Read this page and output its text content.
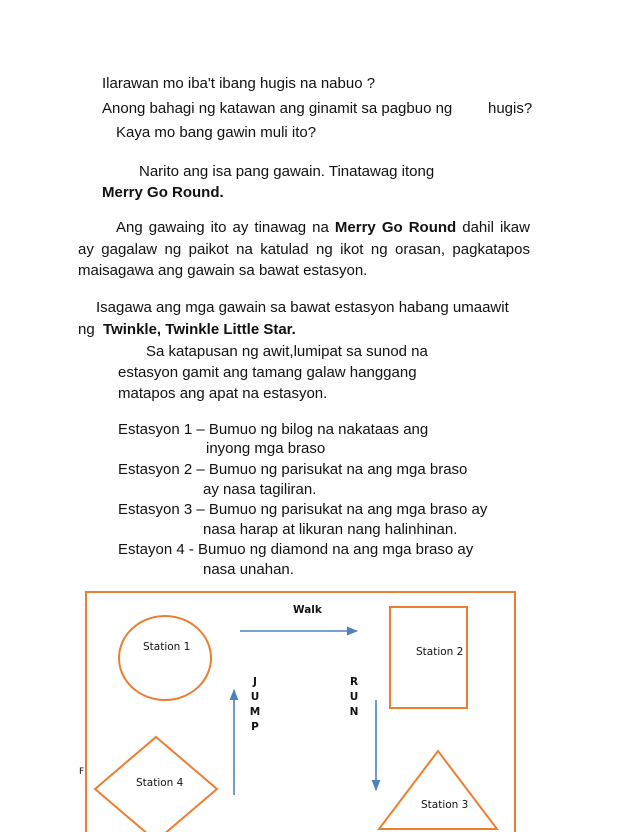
Ilarawan mo iba't ibang hugis na nabuo ?
Anong bahagi ng katawan ang ginamit sa pagbuo ng hugis?
Kaya mo bang gawin muli ito?
Narito ang isa pang gawain. Tinatawag itong
Merry Go Round.
Ang gawaing ito ay tinawag na Merry Go Round dahil ikaw ay gagalaw ng paikot na katulad ng ikot ng orasan, pagkatapos maisagawa ang gawain sa bawat estasyon.
Isagawa ang mga gawain sa bawat estasyon habang umaawit
ng Twinkle, Twinkle Little Star.
Sa katapusan ng awit,lumipat sa sunod na
estasyon gamit ang tamang galaw hanggang
matapos ang apat na estasyon.
Estasyon 1 – Bumuo ng bilog na nakataas ang
inyong mga braso
Estasyon 2 – Bumuo ng parisukat na ang mga braso
ay nasa tagiliran.
Estasyon 3 – Bumuo ng parisukat na ang mga braso ay
nasa harap at likuran nang halinhinan.
Estayon 4 - Bumuo ng diamond na ang mga braso ay
nasa unahan.
Walk
Station 1	Station 2
Station 3
Station 4
F
J
U
M
P
R
U
N
